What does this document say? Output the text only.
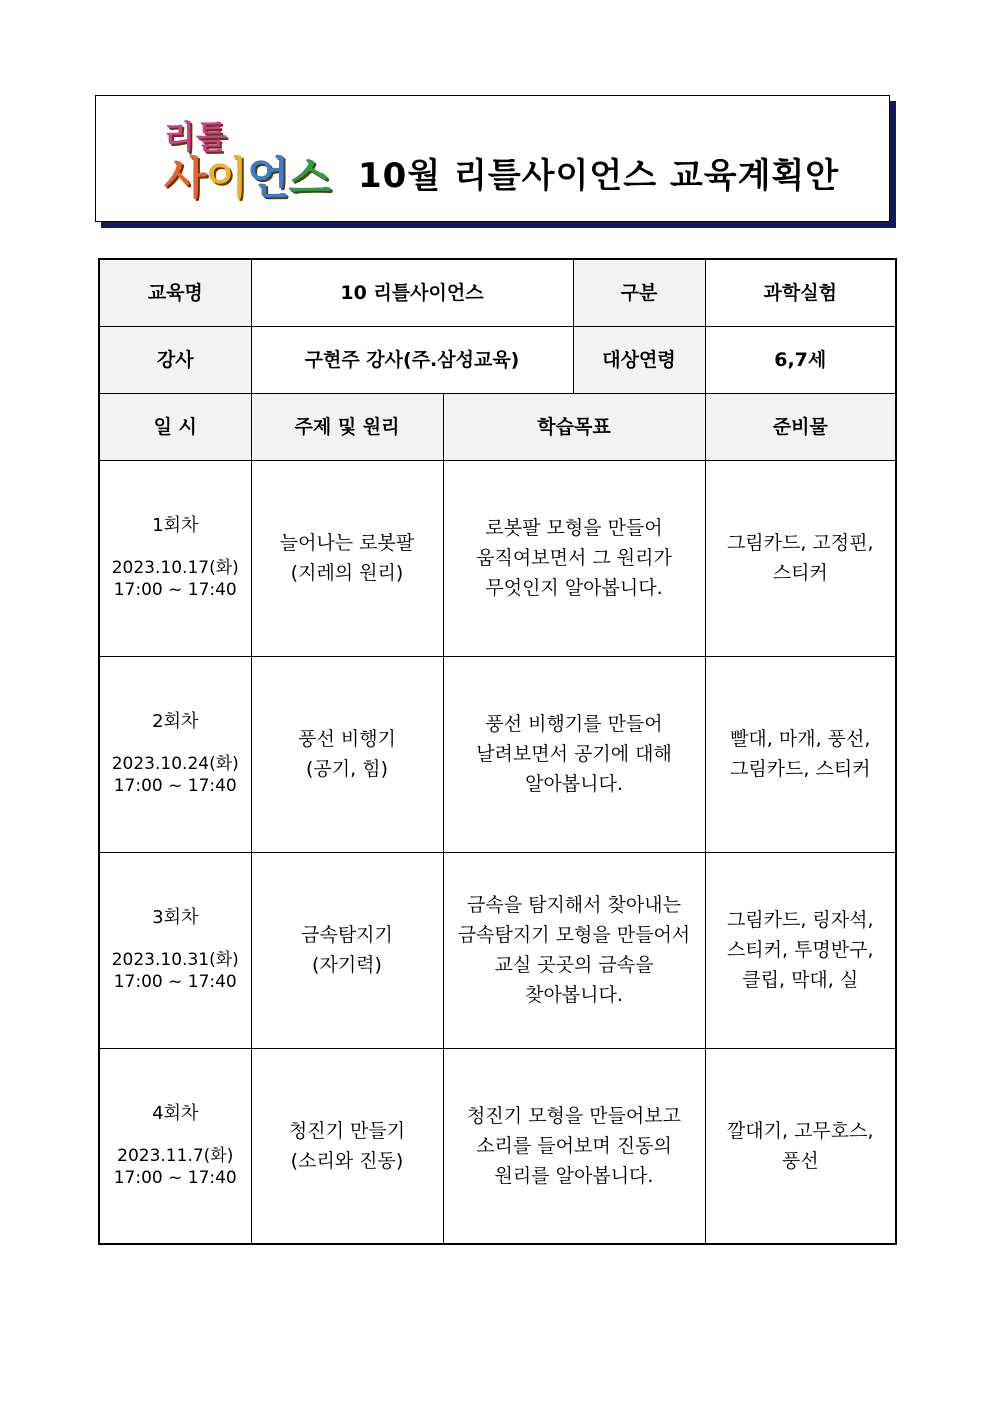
리틀
사이언스 10월 리틀사이언스 교육계획안
교육명	10 리틀사이언스		구분	과학실험
강사	구현주 강사(주.삼성교육)		대상연령	6,7세
일 시	주제 및 원리	학습목표		준비물

1회차
2023.10.17(화)
17:00 ~ 17:40	늘어나는 로봇팔
(지레의 원리)	로봇팔 모형을 만들어
움직여보면서 그 원리가
무엇인지 알아봅니다.		그림카드, 고정핀,
스티커

2회차
2023.10.24(화)
17:00 ~ 17:40	풍선 비행기
(공기, 힘)	풍선 비행기를 만들어
날려보면서 공기에 대해
알아봅니다.		빨대, 마개, 풍선,
그림카드, 스티커

3회차
2023.10.31(화)
17:00 ~ 17:40	금속탐지기
(자기력)	금속을 탐지해서 찾아내는
금속탐지기 모형을 만들어서
교실 곳곳의 금속을
찾아봅니다.		그림카드, 링자석,
스티커, 투명반구,
클립, 막대, 실

4회차
2023.11.7(화)
17:00 ~ 17:40	청진기 만들기
(소리와 진동)	청진기 모형을 만들어보고
소리를 들어보며 진동의
원리를 알아봅니다.		깔대기, 고무호스,
풍선
